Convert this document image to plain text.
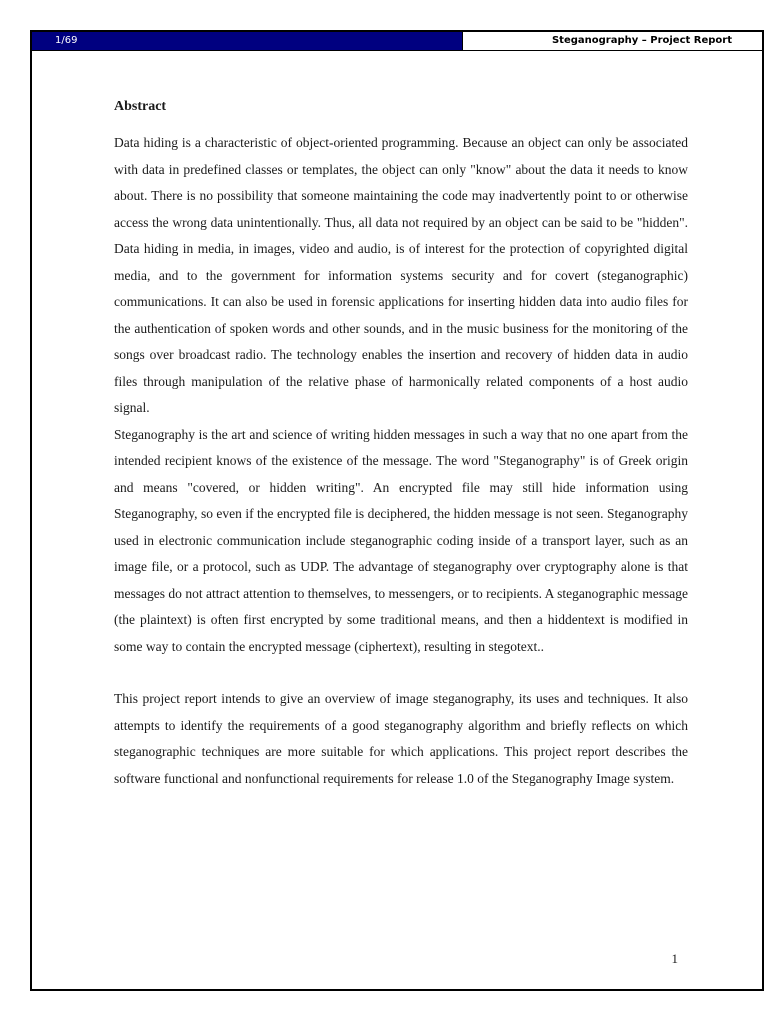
1/69	Steganography – Project Report

Abstract

Data hiding is a characteristic of object-oriented programming. Because an object can only be associated with data in predefined classes or templates, the object can only "know" about the data it needs to know about. There is no possibility that someone maintaining the code may inadvertently point to or otherwise access the wrong data unintentionally. Thus, all data not required by an object can be said to be "hidden". Data hiding in media, in images, video and audio, is of interest for the protection of copyrighted digital media, and to the government for information systems security and for covert (steganographic) communications. It can also be used in forensic applications for inserting hidden data into audio files for the authentication of spoken words and other sounds, and in the music business for the monitoring of the songs over broadcast radio. The technology enables the insertion and recovery of hidden data in audio files through manipulation of the relative phase of harmonically related components of a host audio signal.

Steganography is the art and science of writing hidden messages in such a way that no one apart from the intended recipient knows of the existence of the message. The word "Steganography" is of Greek origin and means "covered, or hidden writing". An encrypted file may still hide information using Steganography, so even if the encrypted file is deciphered, the hidden message is not seen. Steganography used in electronic communication include steganographic coding inside of a transport layer, such as an image file, or a protocol, such as UDP. The advantage of steganography over cryptography alone is that messages do not attract attention to themselves, to messengers, or to recipients. A steganographic message (the plaintext) is often first encrypted by some traditional means, and then a hiddentext is modified in some way to contain the encrypted message (ciphertext), resulting in stegotext..

This project report intends to give an overview of image steganography, its uses and techniques. It also attempts to identify the requirements of a good steganography algorithm and briefly reflects on which steganographic techniques are more suitable for which applications. This project report describes the software functional and nonfunctional requirements for release 1.0 of the Steganography Image system.

1
